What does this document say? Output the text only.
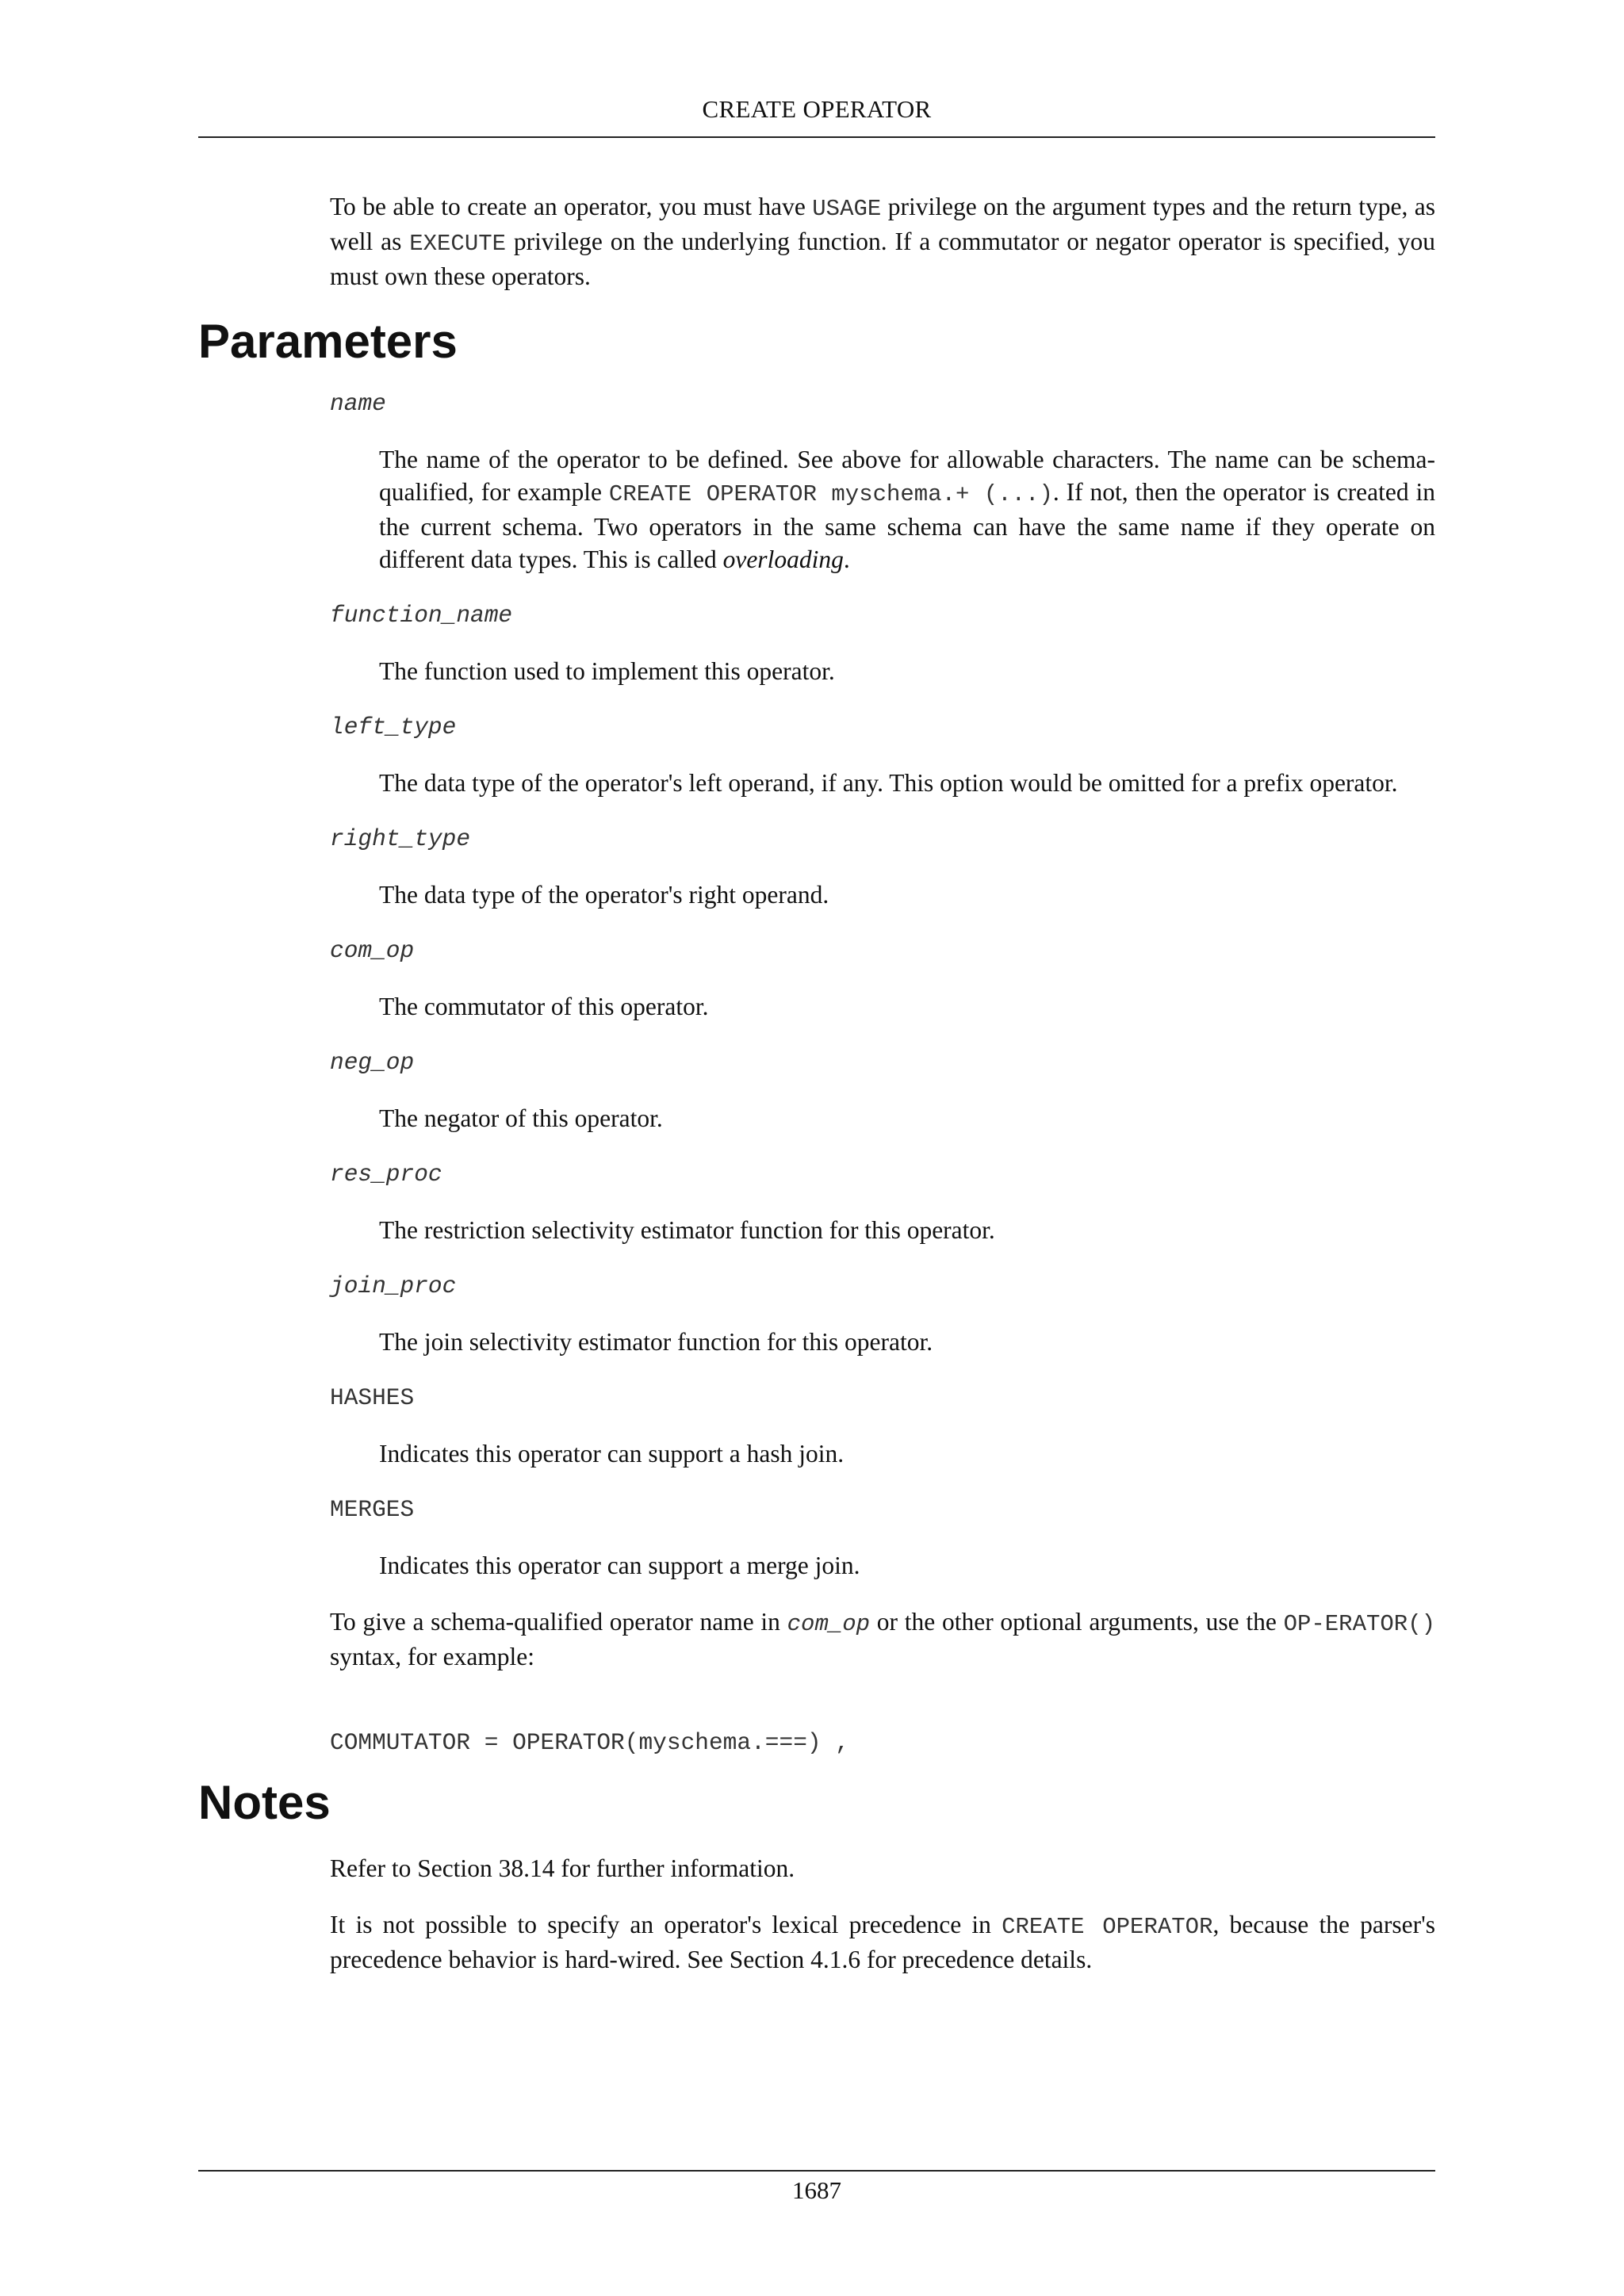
CREATE OPERATOR

To be able to create an operator, you must have USAGE privilege on the argument types and the return type, as well as EXECUTE privilege on the underlying function. If a commutator or negator operator is specified, you must own these operators.

Parameters
name

The name of the operator to be defined. See above for allowable characters. The name can be schema-qualified, for example CREATE OPERATOR myschema.+ (...). If not, then the operator is created in the current schema. Two operators in the same schema can have the same name if they operate on different data types. This is called overloading.

function_name

The function used to implement this operator.

left_type

The data type of the operator's left operand, if any. This option would be omitted for a prefix operator.

right_type

The data type of the operator's right operand.

com_op

The commutator of this operator.

neg_op

The negator of this operator.

res_proc

The restriction selectivity estimator function for this operator.

join_proc

The join selectivity estimator function for this operator.

HASHES

Indicates this operator can support a hash join.

MERGES

Indicates this operator can support a merge join.

To give a schema-qualified operator name in com_op or the other optional arguments, use the OP-ERATOR() syntax, for example:

COMMUTATOR = OPERATOR(myschema.===) ,
Notes

Refer to Section 38.14 for further information.

It is not possible to specify an operator's lexical precedence in CREATE OPERATOR, because the parser's precedence behavior is hard-wired. See Section 4.1.6 for precedence details.

1687
